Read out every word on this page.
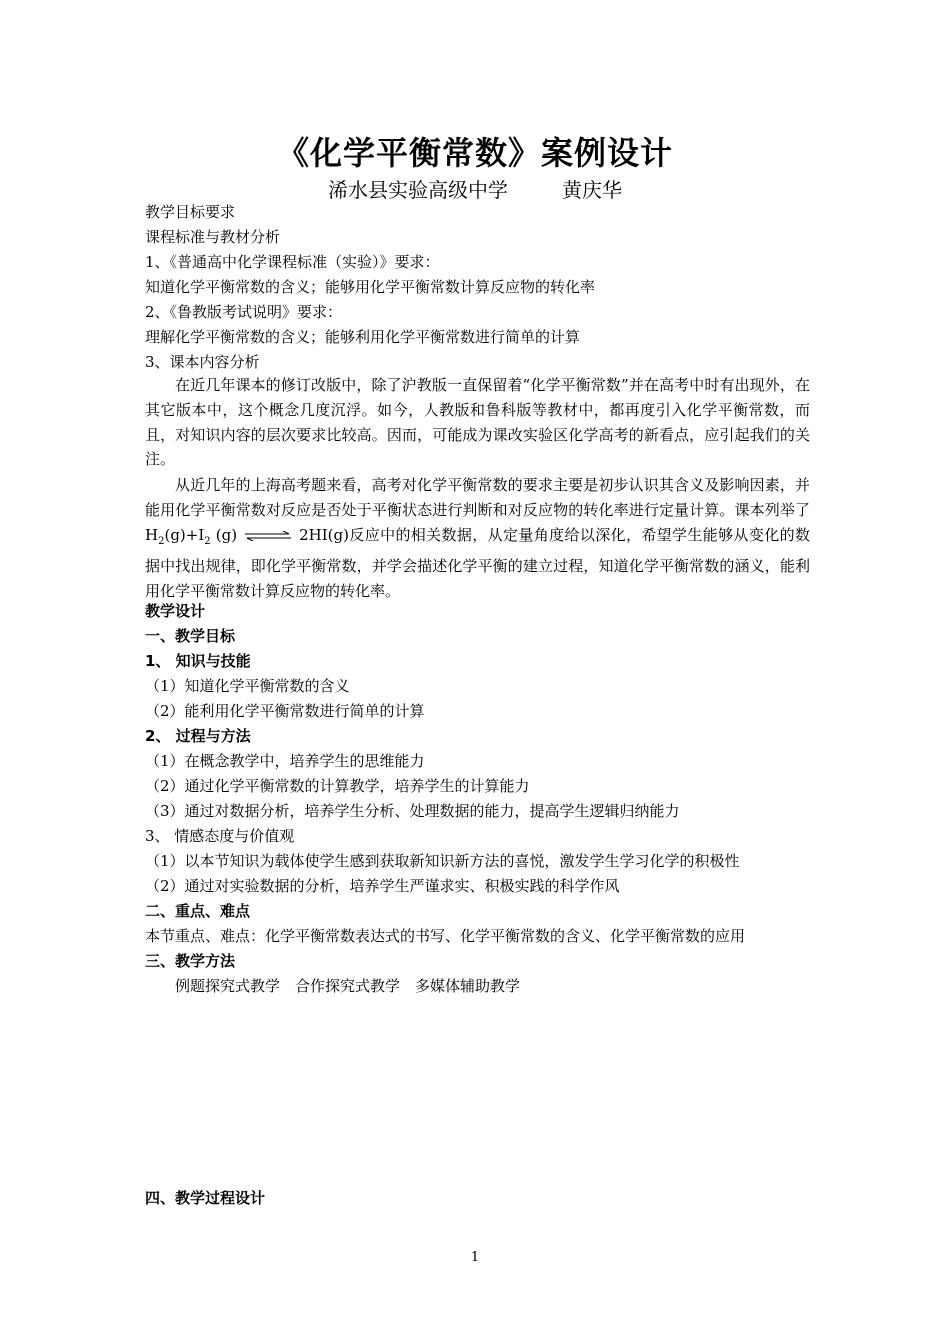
《化学平衡常数》案例设计
浠水县实验高级中学	黄庆华
教学目标要求
课程标准与教材分析
1、《普通高中化学课程标准（实验）》要求：
知道化学平衡常数的含义；能够用化学平衡常数计算反应物的转化率
2、《鲁教版考试说明》要求：
理解化学平衡常数的含义；能够利用化学平衡常数进行简单的计算
3、课本内容分析
在近几年课本的修订改版中，除了沪教版一直保留着“化学平衡常数”并在高考中时有出现外，在其它版本中，这个概念几度沉浮。如今，人教版和鲁科版等教材中，都再度引入化学平衡常数，而且，对知识内容的层次要求比较高。因而，可能成为课改实验区化学高考的新看点，应引起我们的关注。
从近几年的上海高考题来看，高考对化学平衡常数的要求主要是初步认识其含义及影响因素，并能用化学平衡常数对反应是否处于平衡状态进行判断和对反应物的转化率进行定量计算。课本列举了$H_2(g)+I_2$ (g) ⇌ 2HI(g)反应中的相关数据，从定量角度给以深化，希望学生能够从变化的数据中找出规律，即化学平衡常数，并学会描述化学平衡的建立过程，知道化学平衡常数的涵义，能利用化学平衡常数计算反应物的转化率。
教学设计
一、教学目标
1、 知识与技能
（1）知道化学平衡常数的含义
（2）能利用化学平衡常数进行简单的计算
2、 过程与方法
（1）在概念教学中，培养学生的思维能力
（2）通过化学平衡常数的计算教学，培养学生的计算能力
（3）通过对数据分析，培养学生分析、处理数据的能力，提高学生逻辑归纳能力
3、 情感态度与价值观
（1）以本节知识为载体使学生感到获取新知识新方法的喜悦，激发学生学习化学的积极性
（2）通过对实验数据的分析，培养学生严谨求实、积极实践的科学作风
二、重点、难点
本节重点、难点：化学平衡常数表达式的书写、化学平衡常数的含义、化学平衡常数的应用
三、教学方法
例题探究式教学　合作探究式教学　多媒体辅助教学
四、教学过程设计
1
